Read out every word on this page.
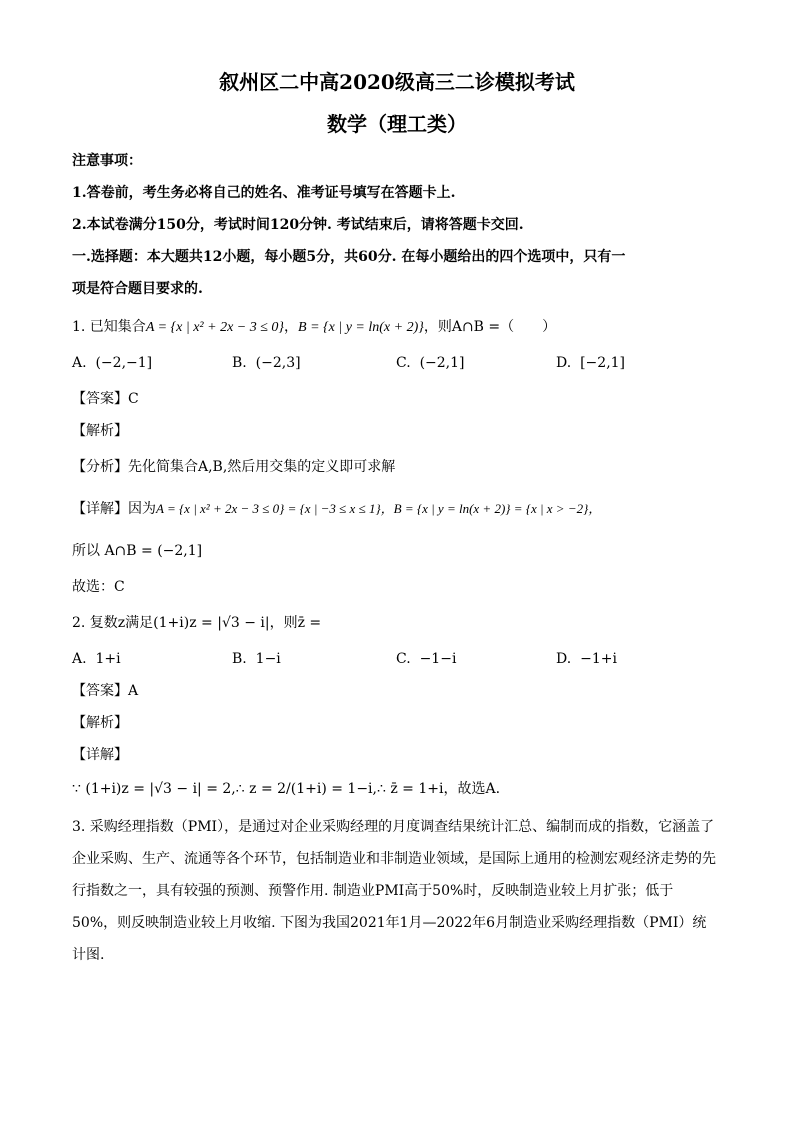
叙州区二中高2020级高三二诊模拟考试
数学（理工类）
注意事项：
1.答卷前，考生务必将自己的姓名、准考证号填写在答题卡上.
2.本试卷满分150分，考试时间120分钟. 考试结束后，请将答题卡交回.
一.选择题：本大题共12小题，每小题5分，共60分. 在每小题给出的四个选项中，只有一
项是符合题目要求的.
1. 已知集合A = {x | x² + 2x − 3 ≤ 0}，B = {x | y = ln(x + 2)}，则A∩B =（　　）
A. (−2,−1]	B. (−2,3]	C. (−2,1]	D. [−2,1]
【答案】C
【解析】
【分析】先化简集合A,B,然后用交集的定义即可求解
【详解】因为A = {x | x² + 2x − 3 ≤ 0} = {x | −3 ≤ x ≤ 1}，B = {x | y = ln(x + 2)} = {x | x > −2}，
所以 A∩B = (−2,1]
故选：C
2. 复数z满足(1+i)z = |√3 − i|，则z̄ =
A. 1+i	B. 1−i	C. −1−i	D. −1+i
【答案】A
【解析】
【详解】
∵ (1+i)z = |√3 − i| = 2,∴ z = 2/(1+i) = 1−i,∴ z̄ = 1+i，故选A.
3. 采购经理指数（PMI），是通过对企业采购经理的月度调查结果统计汇总、编制而成的指数，它涵盖了
企业采购、生产、流通等各个环节，包括制造业和非制造业领域，是国际上通用的检测宏观经济走势的先
行指数之一，具有较强的预测、预警作用. 制造业PMI高于50%时，反映制造业较上月扩张；低于
50%，则反映制造业较上月收缩. 下图为我国2021年1月—2022年6月制造业采购经理指数（PMI）统
计图.
